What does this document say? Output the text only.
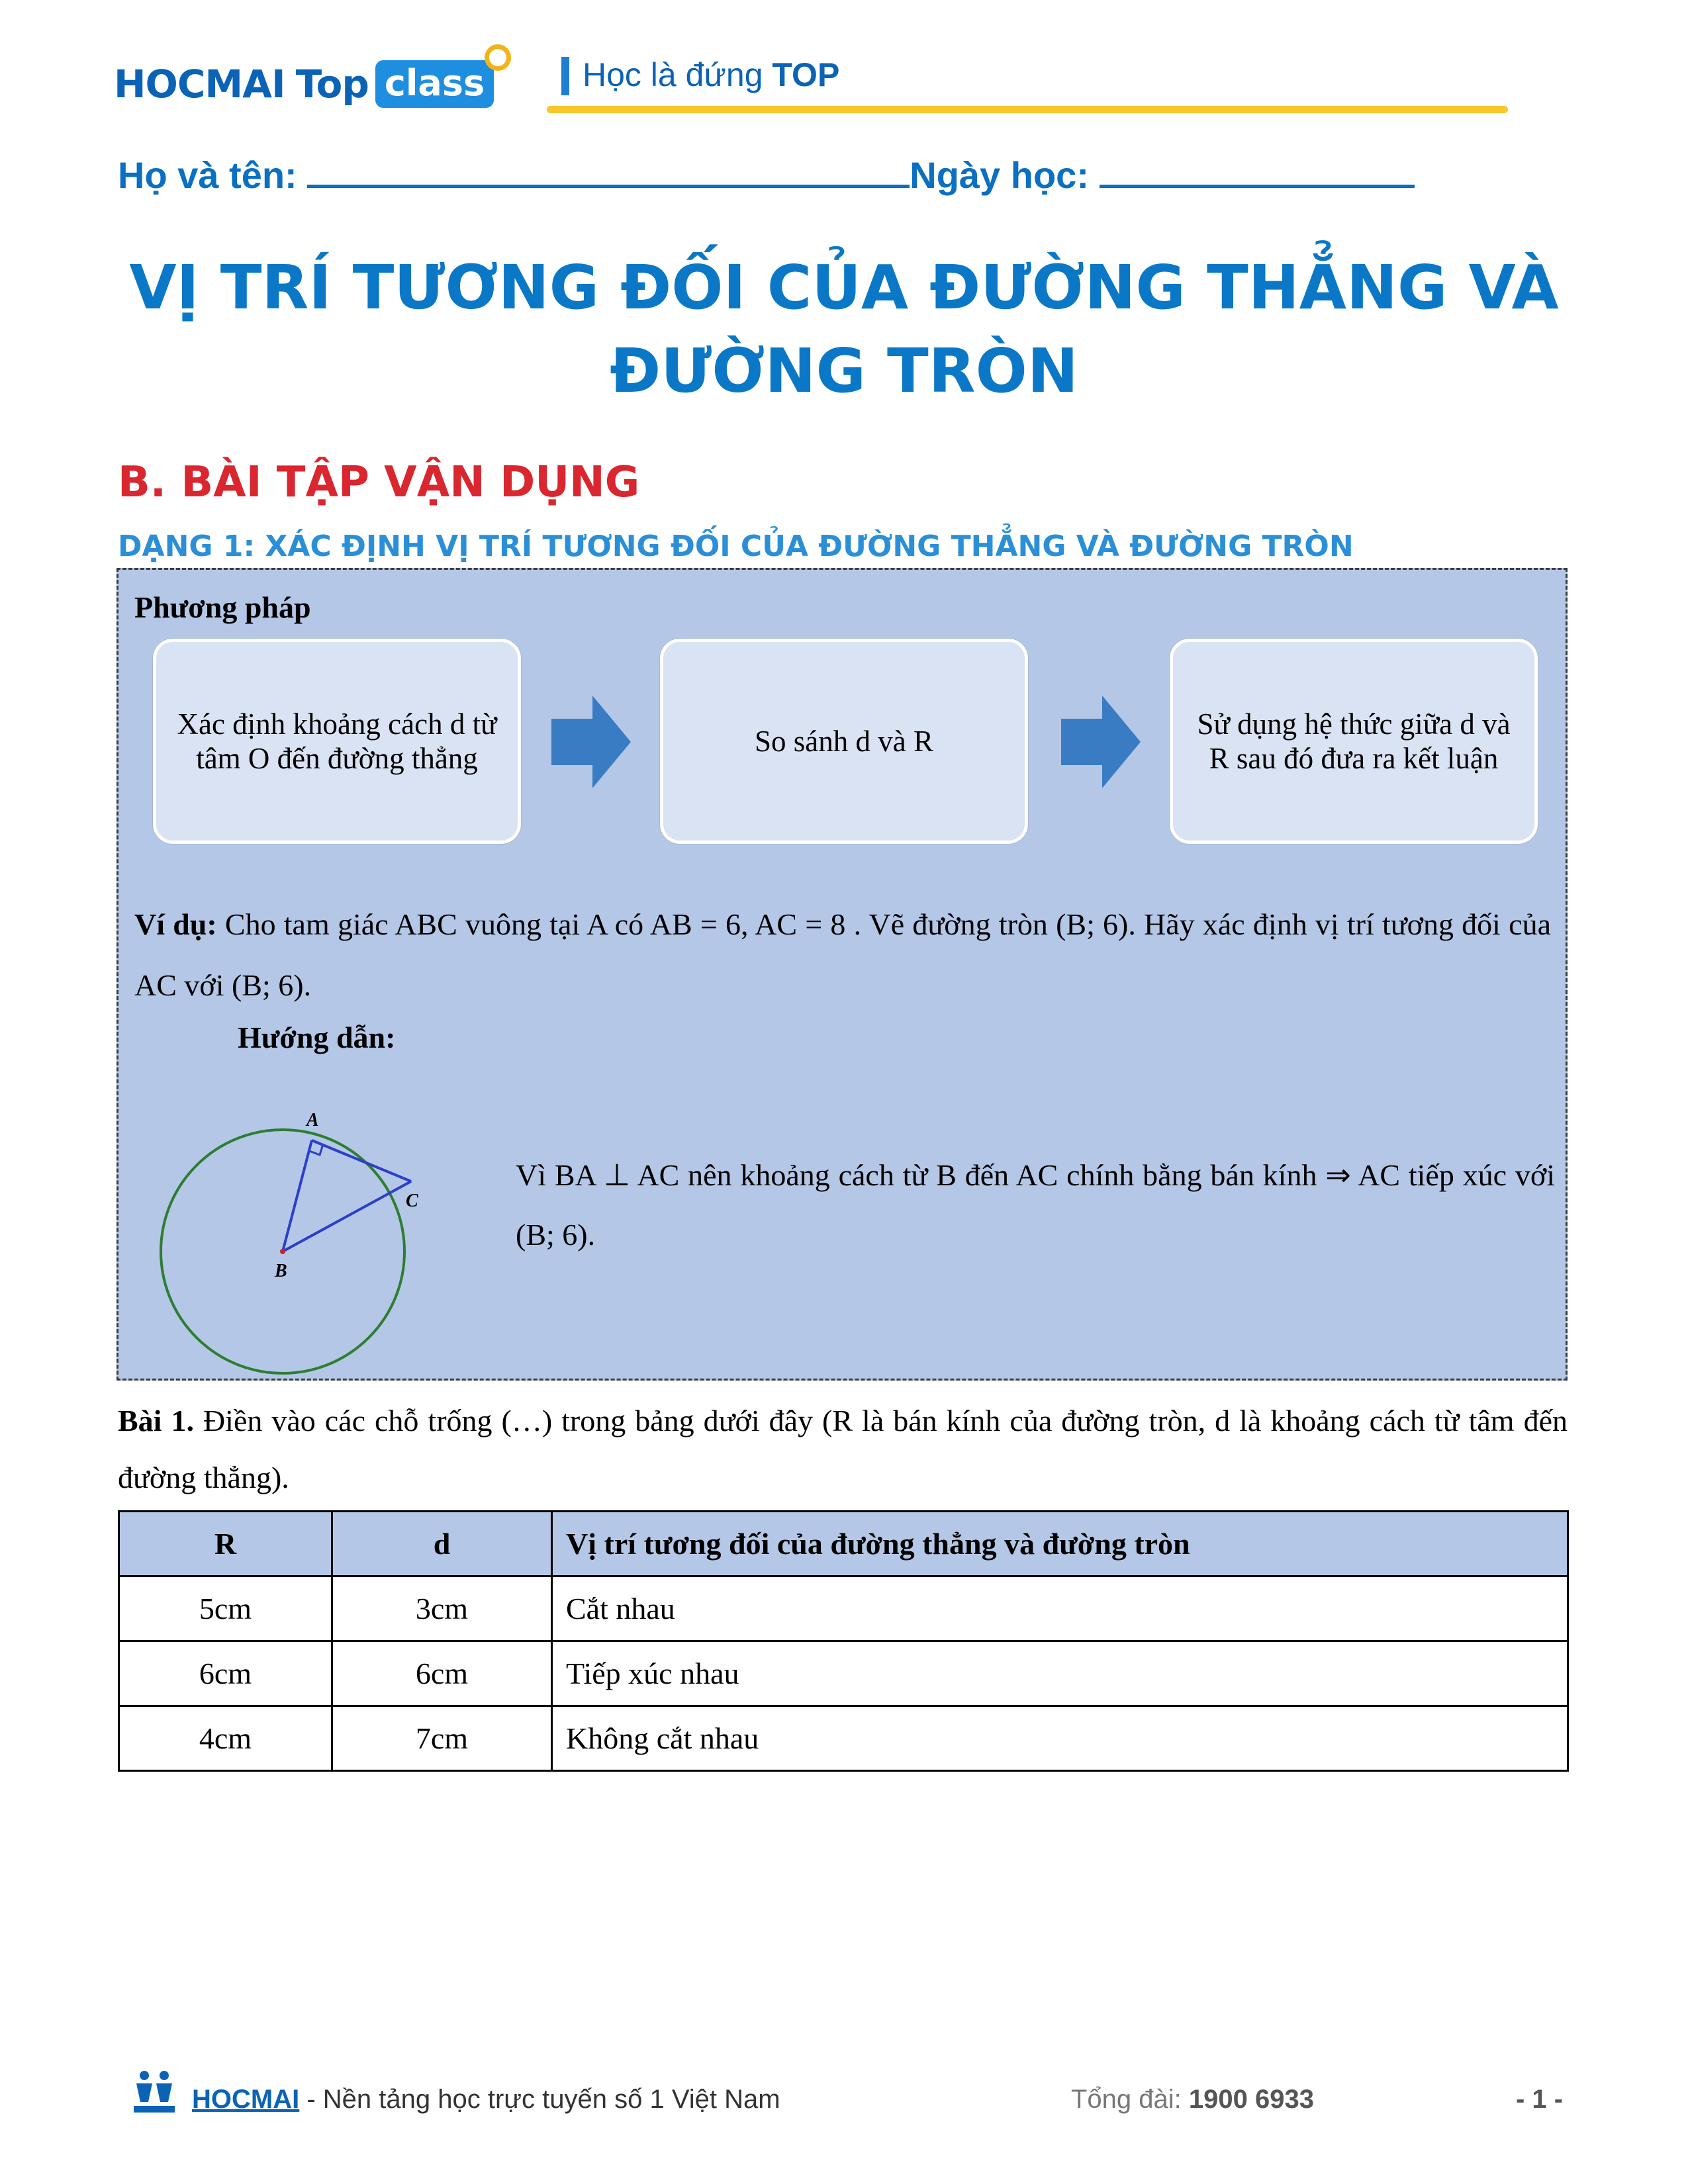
HOCMAI Top class	Học là đứng TOP
Họ và tên:	Ngày học:
VỊ TRÍ TƯƠNG ĐỐI CỦA ĐƯỜNG THẲNG VÀ
ĐƯỜNG TRÒN
B. BÀI TẬP VẬN DỤNG
DẠNG 1: XÁC ĐỊNH VỊ TRÍ TƯƠNG ĐỐI CỦA ĐƯỜNG THẲNG VÀ ĐƯỜNG TRÒN
Phương pháp
Xác định khoảng cách d từ tâm O đến đường thẳng
So sánh d và R
Sử dụng hệ thức giữa d và R sau đó đưa ra kết luận
Ví dụ: Cho tam giác ABC vuông tại A có AB = 6, AC = 8 . Vẽ đường tròn (B; 6). Hãy xác định vị trí tương đối của AC với (B; 6).
Hướng dẫn:
A
B
C
Vì BA ⊥ AC nên khoảng cách từ B đến AC chính bằng bán kính ⇒ AC tiếp xúc với (B; 6).
Bài 1. Điền vào các chỗ trống (…) trong bảng dưới đây (R là bán kính của đường tròn, d là khoảng cách từ tâm đến đường thẳng).
R	d	Vị trí tương đối của đường thẳng và đường tròn
5cm	3cm	Cắt nhau
6cm	6cm	Tiếp xúc nhau
4cm	7cm	Không cắt nhau
HOCMAI - Nền tảng học trực tuyến số 1 Việt Nam	Tổng đài: 1900 6933	- 1 -
